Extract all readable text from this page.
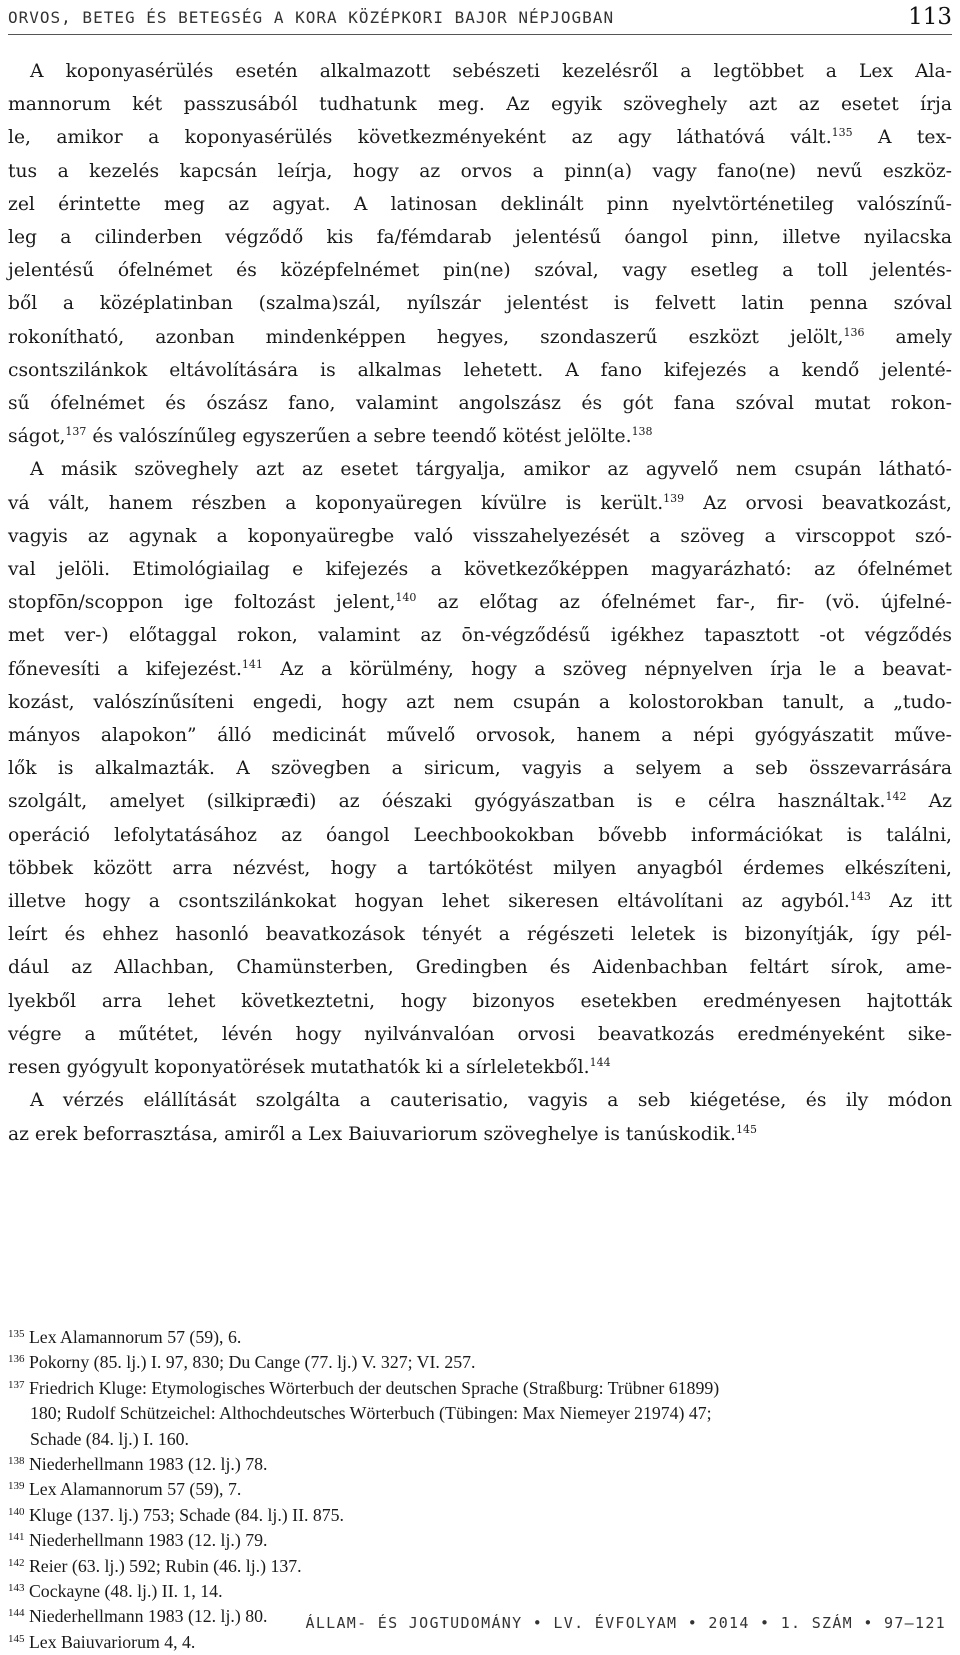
ORVOS, BETEG ÉS BETEGSÉG A KORA KÖZÉPKORI BAJOR NÉPJOGBAN	113

A koponyasérülés esetén alkalmazott sebészeti kezelésről a legtöbbet a Lex Ala-
mannorum két passzusából tudhatunk meg. Az egyik szöveghely azt az esetet írja
le, amikor a koponyasérülés következményeként az agy láthatóvá vált.$^{135}$ A tex-
tus a kezelés kapcsán leírja, hogy az orvos a pinn(a) vagy fano(ne) nevű eszköz-
zel érintette meg az agyat. A latinosan deklinált pinn nyelvtörténetileg valószínű-
leg a cilinderben végződő kis fa/fémdarab jelentésű óangol pinn, illetve nyilacska
jelentésű ófelnémet és középfelnémet pin(ne) szóval, vagy esetleg a toll jelentés-
ből a középlatinban (szalma)szál, nyílszár jelentést is felvett latin penna szóval
rokonítható, azonban mindenképpen hegyes, szondaszerű eszközt jelölt,$^{136}$ amely
csontszilánkok eltávolítására is alkalmas lehetett. A fano kifejezés a kendő jelenté-
sű ófelnémet és ószász fano, valamint angolszász és gót fana szóval mutat rokon-
ságot,$^{137}$ és valószínűleg egyszerűen a sebre teendő kötést jelölte.$^{138}$

A másik szöveghely azt az esetet tárgyalja, amikor az agyvelő nem csupán látható-
vá vált, hanem részben a koponyaüregen kívülre is került.$^{139}$ Az orvosi beavatkozást,
vagyis az agynak a koponyaüregbe való visszahelyezését a szöveg a virscoppot szó-
val jelöli. Etimológiailag e kifejezés a következőképpen magyarázható: az ófelnémet
stopfōn/scoppon ige foltozást jelent,$^{140}$ az előtag az ófelnémet far-, fir- (vö. újfelné-
met ver-) előtaggal rokon, valamint az ōn-végződésű igékhez tapasztott -ot végződés
főnevesíti a kifejezést.$^{141}$ Az a körülmény, hogy a szöveg népnyelven írja le a beavat-
kozást, valószínűsíteni engedi, hogy azt nem csupán a kolostorokban tanult, a „tudo-
mányos alapokon” álló medicinát művelő orvosok, hanem a népi gyógyászatit műve-
lők is alkalmazták. A szövegben a siricum, vagyis a selyem a seb összevarrására
szolgált, amelyet (silkipræđi) az óészaki gyógyászatban is e célra használtak.$^{142}$ Az
operáció lefolytatásához az óangol Leechbookokban bővebb információkat is találni,
többek között arra nézvést, hogy a tartókötést milyen anyagból érdemes elkészíteni,
illetve hogy a csontszilánkokat hogyan lehet sikeresen eltávolítani az agyból.$^{143}$ Az itt
leírt és ehhez hasonló beavatkozások tényét a régészeti leletek is bizonyítják, így pél-
dául az Allachban, Chamünsterben, Gredingben és Aidenbachban feltárt sírok, ame-
lyekből arra lehet következtetni, hogy bizonyos esetekben eredményesen hajtották
végre a műtétet, lévén hogy nyilvánvalóan orvosi beavatkozás eredményeként sike-
resen gyógyult koponyatörések mutathatók ki a sírleletekből.$^{144}$

A vérzés elállítását szolgálta a cauterisatio, vagyis a seb kiégetése, és ily módon
az erek beforrasztása, amiről a Lex Baiuvariorum szöveghelye is tanúskodik.$^{145}$

$^{135}$ Lex Alamannorum 57 (59), 6.
$^{136}$ Pokorny (85. lj.) I. 97, 830; Du Cange (77. lj.) V. 327; VI. 257.
$^{137}$ Friedrich Kluge: Etymologisches Wörterbuch der deutschen Sprache (Straßburg: Trübner 61899)
180; Rudolf Schützeichel: Althochdeutsches Wörterbuch (Tübingen: Max Niemeyer 21974) 47;
Schade (84. lj.) I. 160.
$^{138}$ Niederhellmann 1983 (12. lj.) 78.
$^{139}$ Lex Alamannorum 57 (59), 7.
$^{140}$ Kluge (137. lj.) 753; Schade (84. lj.) II. 875.
$^{141}$ Niederhellmann 1983 (12. lj.) 79.
$^{142}$ Reier (63. lj.) 592; Rubin (46. lj.) 137.
$^{143}$ Cockayne (48. lj.) II. 1, 14.
$^{144}$ Niederhellmann 1983 (12. lj.) 80.
$^{145}$ Lex Baiuvariorum 4, 4.
ÁLLAM- ÉS JOGTUDOMÁNY • LV. ÉVFOLYAM • 2014 • 1. SZÁM • 97–121
